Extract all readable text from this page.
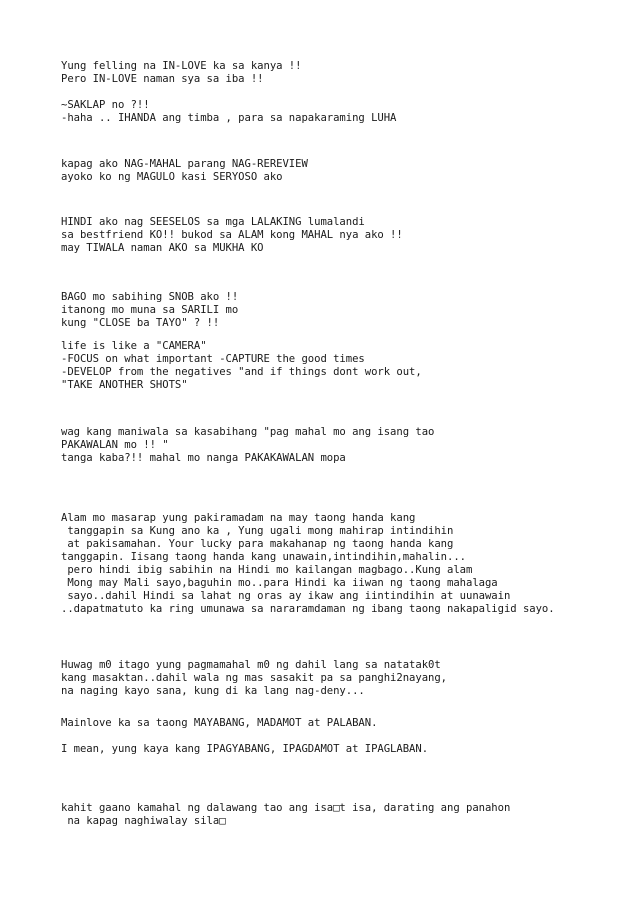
Yung felling na IN-LOVE ka sa kanya !!
Pero IN-LOVE naman sya sa iba !!
~SAKLAP no ?!!
-haha .. IHANDA ang timba , para sa napakaraming LUHA
kapag ako NAG-MAHAL parang NAG-REREVIEW
ayoko ko ng MAGULO kasi SERYOSO ako
HINDI ako nag SEESELOS sa mga LALAKING lumalandi
sa bestfriend KO!! bukod sa ALAM kong MAHAL nya ako !!
may TIWALA naman AKO sa MUKHA KO
BAGO mo sabihing SNOB ako !!
itanong mo muna sa SARILI mo
kung "CLOSE ba TAYO" ? !!
life is like a "CAMERA"
-FOCUS on what important -CAPTURE the good times
-DEVELOP from the negatives "and if things dont work out,
"TAKE ANOTHER SHOTS"
wag kang maniwala sa kasabihang "pag mahal mo ang isang tao
PAKAWALAN mo !! "
tanga kaba?!! mahal mo nanga PAKAKAWALAN mopa
Alam mo masarap yung pakiramadam na may taong handa kang
tanggapin sa Kung ano ka , Yung ugali mong mahirap intindihin
at pakisamahan. Your lucky para makahanap ng taong handa kang
tanggapin. Iisang taong handa kang unawain,intindihin,mahalin...
pero hindi ibig sabihin na Hindi mo kailangan magbago..Kung alam
Mong may Mali sayo,baguhin mo..para Hindi ka iiwan ng taong mahalaga
sayo..dahil Hindi sa lahat ng oras ay ikaw ang iintindihin at uunawain
..dapatmatuto ka ring umunawa sa nararamdaman ng ibang taong nakapaligid sayo.
Huwag m0 itago yung pagmamahal m0 ng dahil lang sa natatak0t
kang masaktan..dahil wala ng mas sasakit pa sa panghi2nayang,
na naging kayo sana, kung di ka lang nag-deny...
Mainlove ka sa taong MAYABANG, MADAMOT at PALABAN.
I mean, yung kaya kang IPAGYABANG, IPAGDAMOT at IPAGLABAN.
kahit gaano kamahal ng dalawang tao ang isa□t isa, darating ang panahon
na kapag naghiwalay sila□
